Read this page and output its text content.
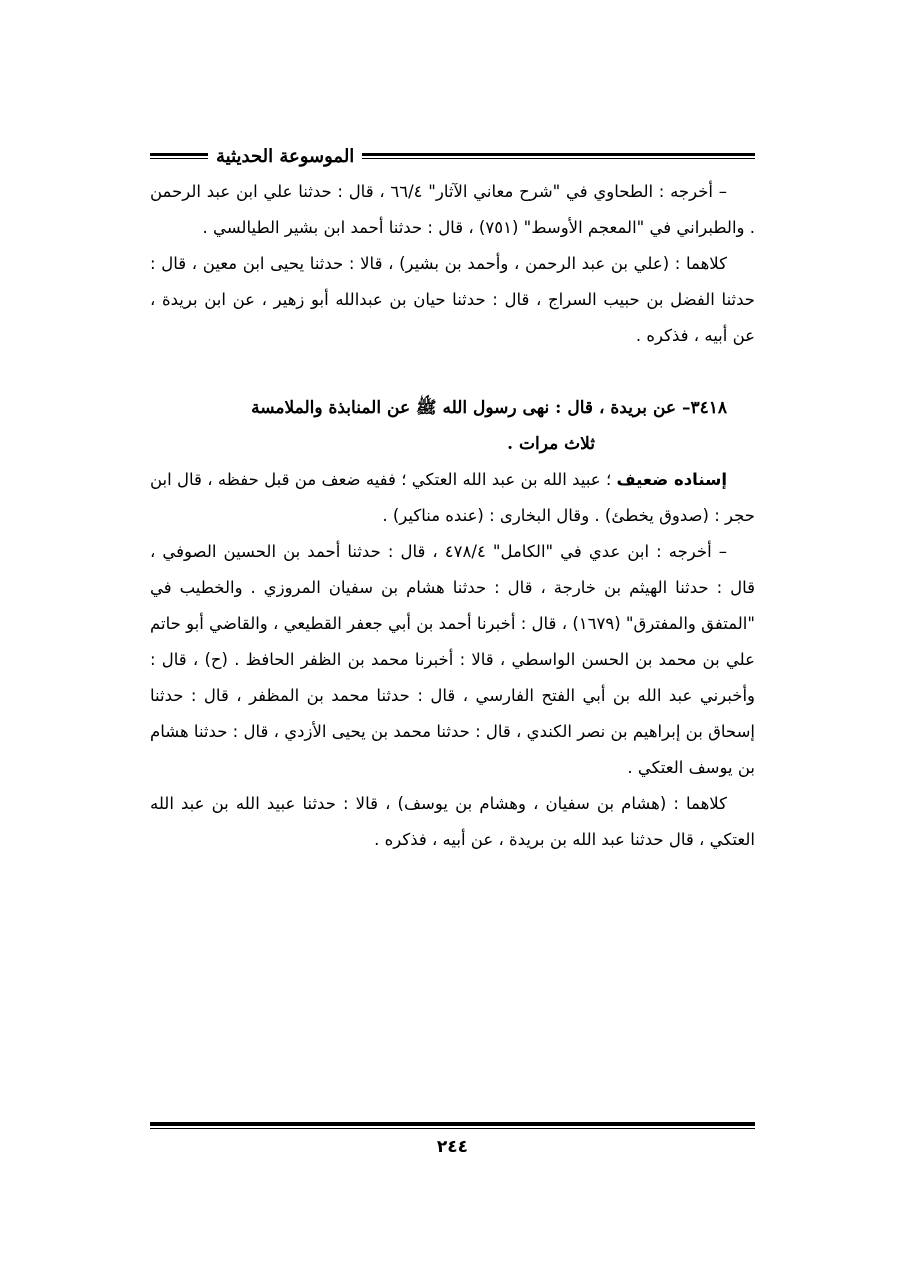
الموسوعة الحديثية

– أخرجه : الطحاوي في "شرح معاني الآثار" ٦٦/٤ ، قال : حدثنا علي ابن عبد الرحمن . والطبراني في "المعجم الأوسط" (٧٥١) ، قال : حدثنا أحمد ابن بشير الطيالسي .

كلاهما : (علي بن عبد الرحمن ، وأحمد بن بشير) ، قالا : حدثنا يحيى ابن معين ، قال : حدثنا الفضل بن حبيب السراج ، قال : حدثنا حيان بن عبدالله أبو زهير ، عن ابن بريدة ، عن أبيه ، فذكره .

٣٤١٨– عن بريدة ، قال : نهى رسول الله ﷺ عن المنابذة والملامسة

ثلاث مرات .

إسناده ضعيف ؛ عبيد الله بن عبد الله العتكي ؛ ففيه ضعف من قبل حفظه ، قال ابن حجر : (صدوق يخطئ) . وقال البخارى : (عنده مناكير) .

– أخرجه : ابن عدي في "الكامل" ٤٧٨/٤ ، قال : حدثنا أحمد بن الحسين الصوفي ، قال : حدثنا الهيثم بن خارجة ، قال : حدثنا هشام بن سفيان المروزي . والخطيب في "المتفق والمفترق" (١٦٧٩) ، قال : أخبرنا أحمد بن أبي جعفر القطيعي ، والقاضي أبو حاتم علي بن محمد بن الحسن الواسطي ، قالا : أخبرنا محمد بن الظفر الحافظ . (ح) ، قال : وأخبرني عبد الله بن أبي الفتح الفارسي ، قال : حدثنا محمد بن المظفر ، قال : حدثنا إسحاق بن إبراهيم بن نصر الكندي ، قال : حدثنا محمد بن يحيى الأزدي ، قال : حدثنا هشام بن يوسف العتكي .

كلاهما : (هشام بن سفيان ، وهشام بن يوسف) ، قالا : حدثنا عبيد الله بن عبد الله العتكي ، قال حدثنا عبد الله بن بريدة ، عن أبيه ، فذكره .

٢٤٤
